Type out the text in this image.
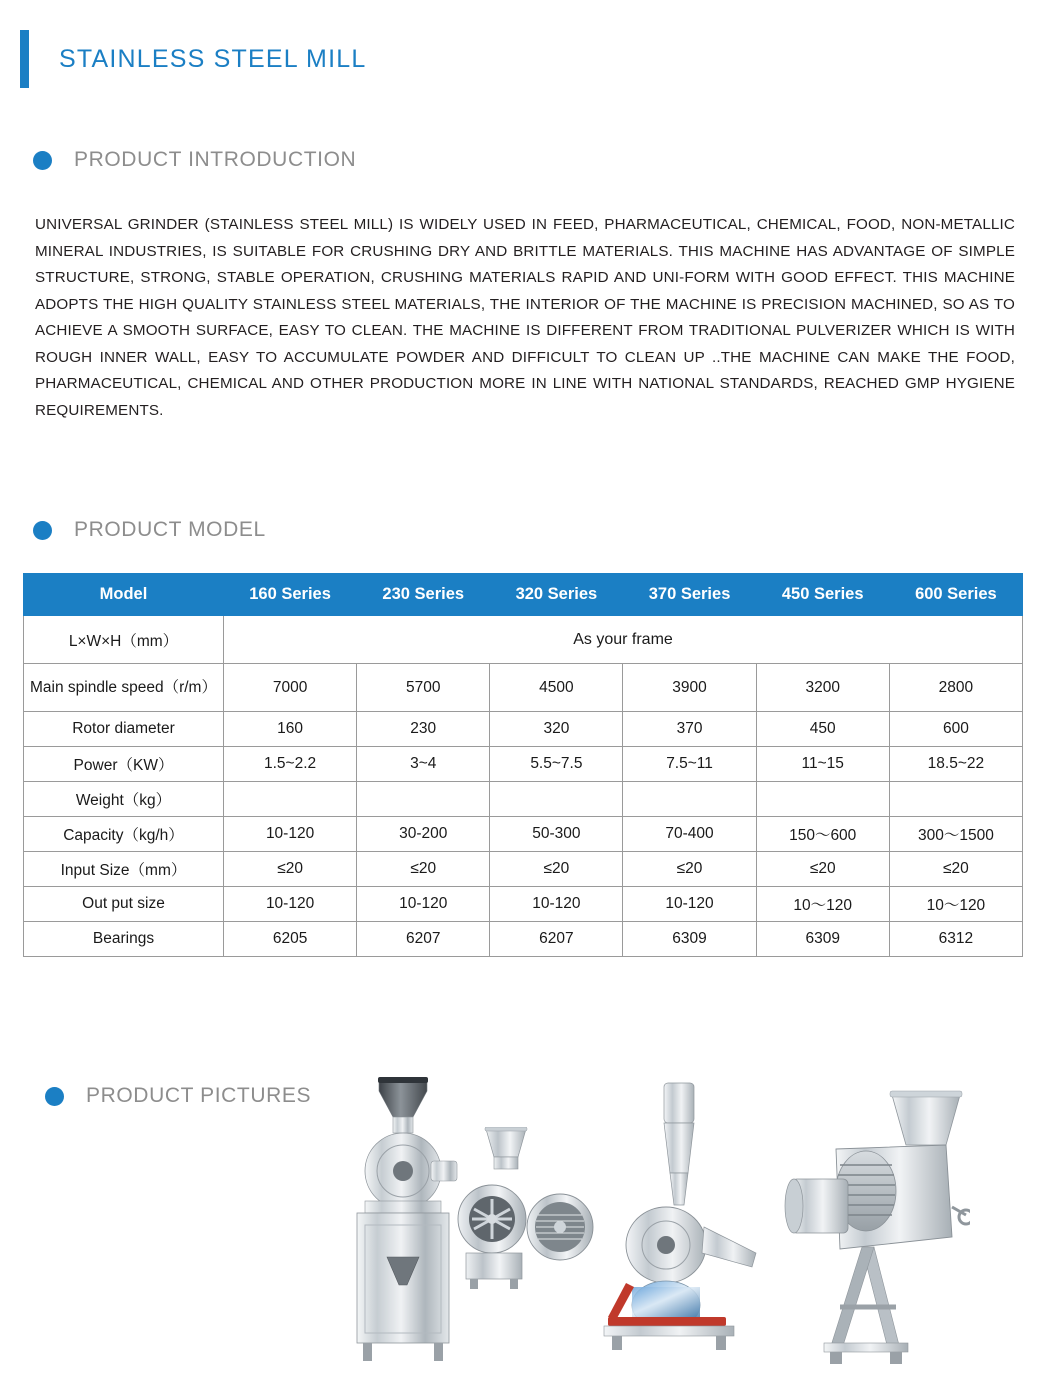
STAINLESS STEEL MILL
PRODUCT INTRODUCTION
UNIVERSAL GRINDER (STAINLESS STEEL MILL) IS WIDELY USED IN FEED, PHARMACEUTICAL, CHEMICAL, FOOD, NON-METALLIC MINERAL INDUSTRIES, IS SUITABLE FOR CRUSHING DRY AND BRITTLE MATERIALS. THIS MACHINE HAS ADVANTAGE OF SIMPLE STRUCTURE, STRONG, STABLE OPERATION, CRUSHING MATERIALS RAPID AND UNI-FORM WITH GOOD EFFECT. THIS MACHINE ADOPTS THE HIGH QUALITY STAINLESS STEEL MATERIALS, THE INTERIOR OF THE MACHINE IS PRECISION MACHINED, SO AS TO ACHIEVE A SMOOTH SURFACE, EASY TO CLEAN. THE MACHINE IS DIFFERENT FROM TRADITIONAL PULVERIZER WHICH IS WITH ROUGH INNER WALL, EASY TO ACCUMULATE POWDER AND DIFFICULT TO CLEAN UP ..THE MACHINE CAN MAKE THE FOOD, PHARMACEUTICAL, CHEMICAL AND OTHER PRODUCTION MORE IN LINE WITH NATIONAL STANDARDS, REACHED GMP HYGIENE REQUIREMENTS.
PRODUCT MODEL
Model	160 Series	230 Series	320 Series	370 Series	450 Series	600 Series
L×W×H（mm）	As your frame					
Main spindle speed（r/m）	7000	5700	4500	3900	3200	2800
Rotor diameter	160	230	320	370	450	600
Power（KW）	1.5~2.2	3~4	5.5~7.5	7.5~11	11~15	18.5~22
Weight（kg）						
Capacity（kg/h）	10-120	30-200	50-300	70-400	150～600	300～1500
Input Size（mm）	≤20	≤20	≤20	≤20	≤20	≤20
Out put size	10-120	10-120	10-120	10-120	10～120	10～120
Bearings	6205	6207	6207	6309	6309	6312
PRODUCT PICTURES
